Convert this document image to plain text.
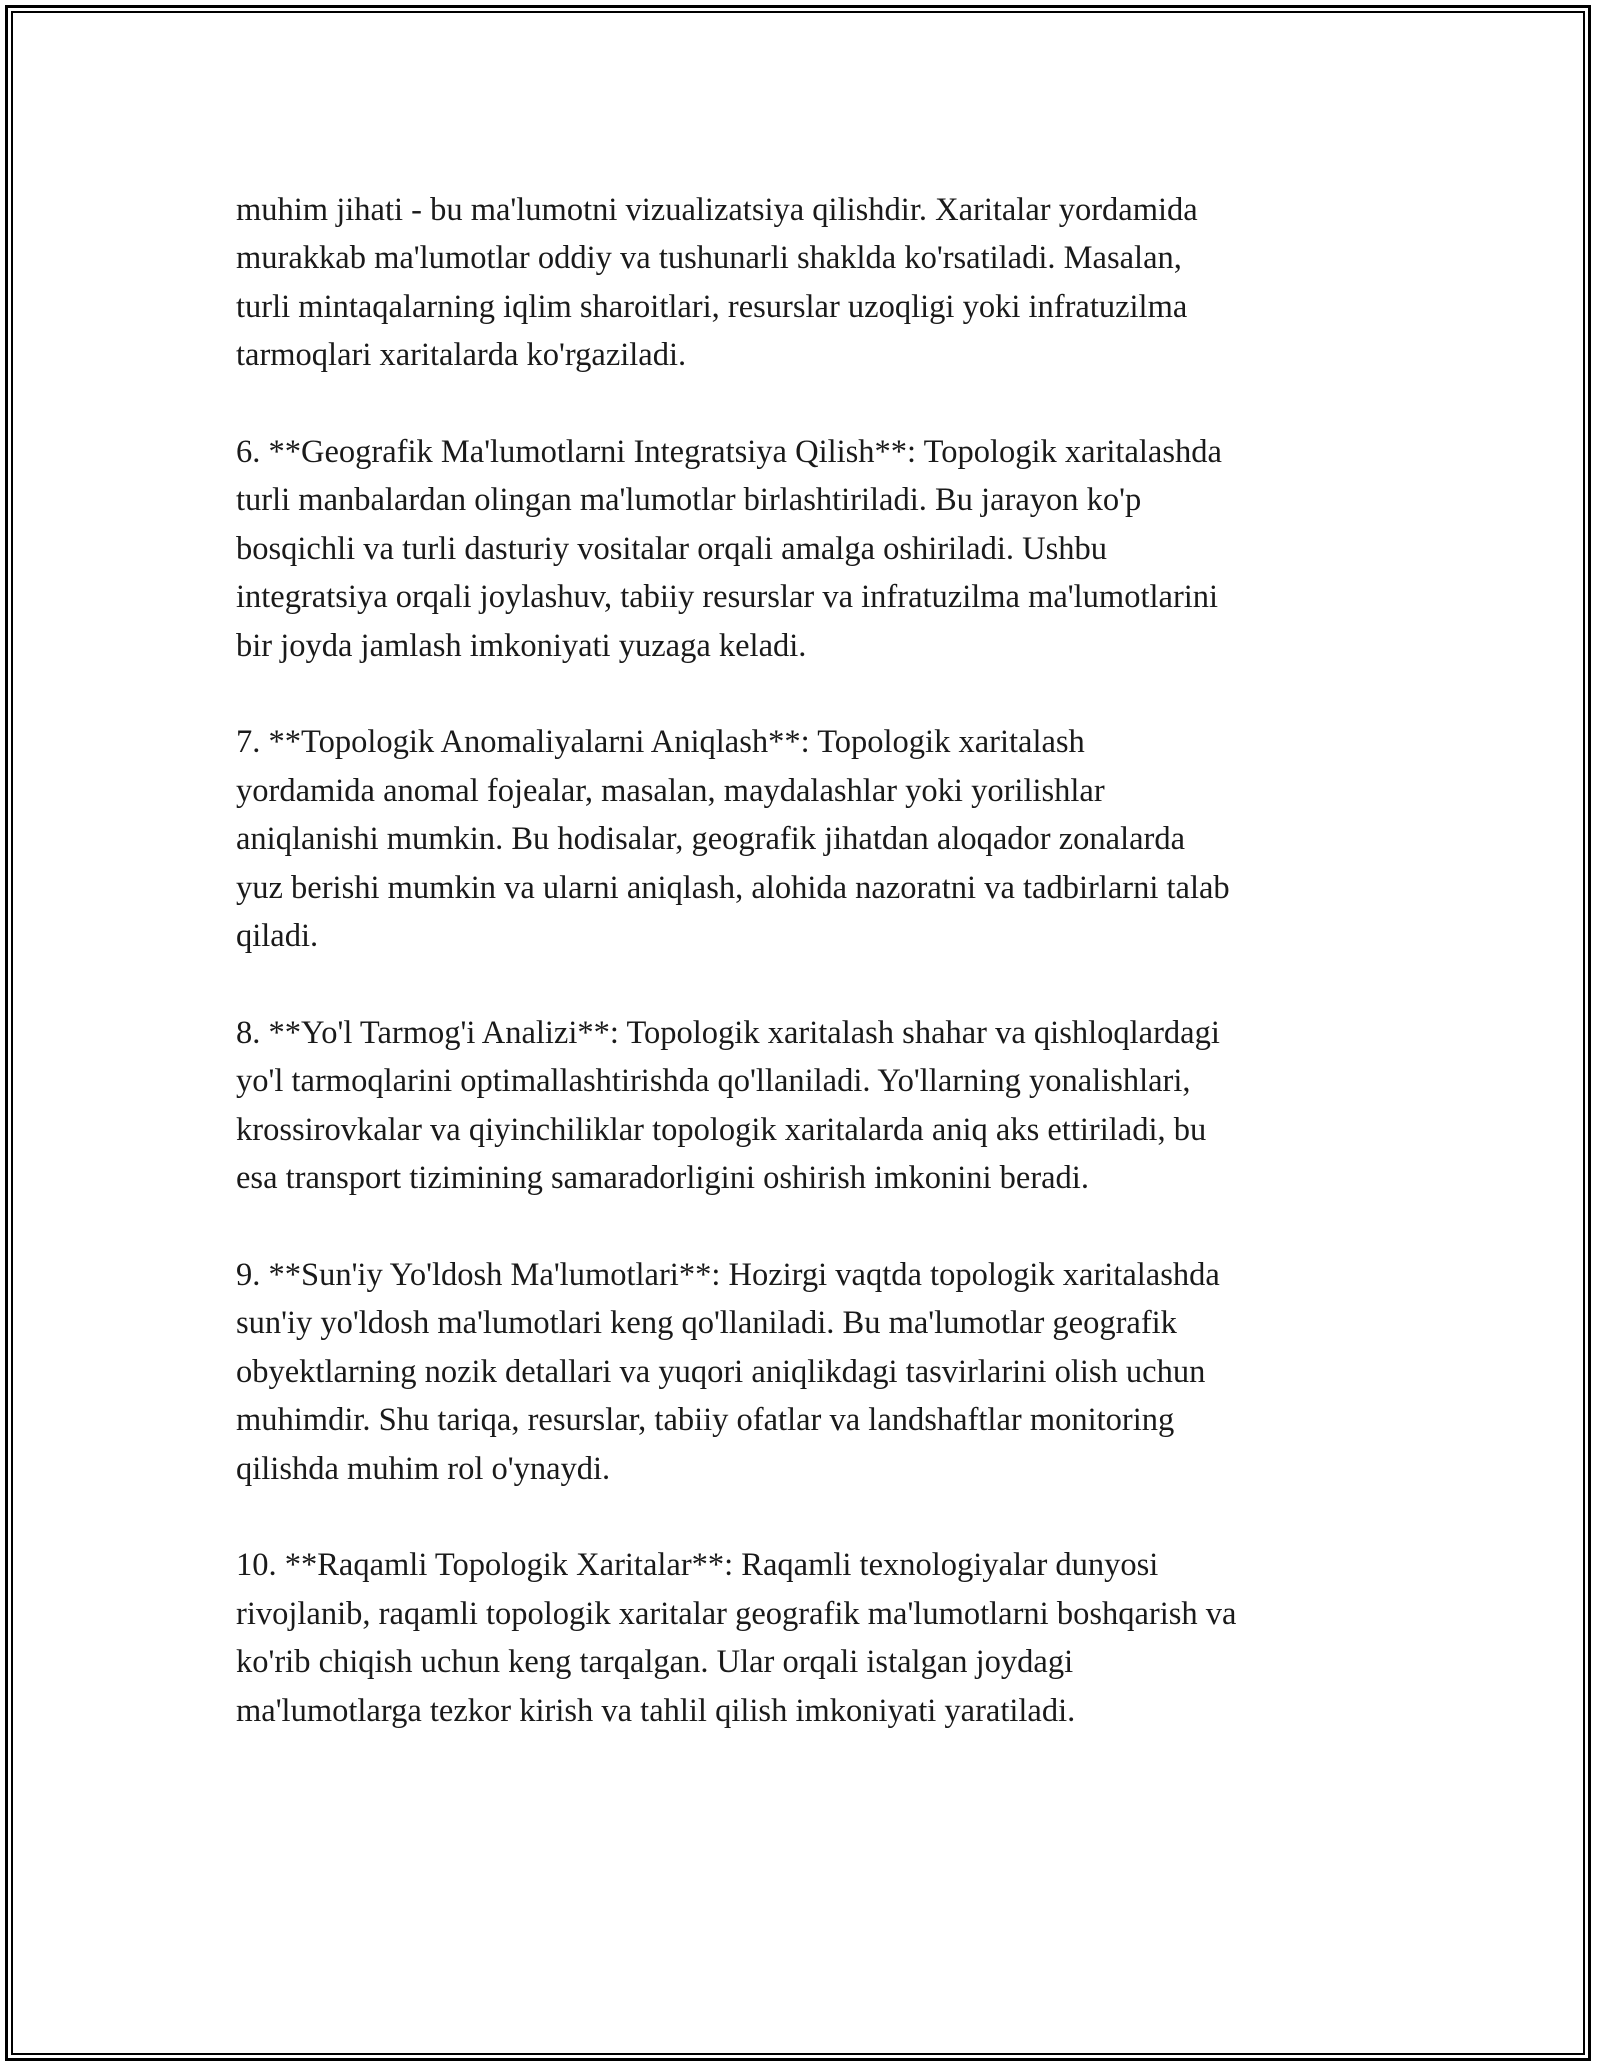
muhim jihati - bu ma'lumotni vizualizatsiya qilishdir. Xaritalar yordamida
murakkab ma'lumotlar oddiy va tushunarli shaklda ko'rsatiladi. Masalan,
turli mintaqalarning iqlim sharoitlari, resurslar uzoqligi yoki infratuzilma
tarmoqlari xaritalarda ko'rgaziladi.

6. **Geografik Ma'lumotlarni Integratsiya Qilish**: Topologik xaritalashda
turli manbalardan olingan ma'lumotlar birlashtiriladi. Bu jarayon ko'p
bosqichli va turli dasturiy vositalar orqali amalga oshiriladi. Ushbu
integratsiya orqali joylashuv, tabiiy resurslar va infratuzilma ma'lumotlarini
bir joyda jamlash imkoniyati yuzaga keladi.

7. **Topologik Anomaliyalarni Aniqlash**: Topologik xaritalash
yordamida anomal fojealar, masalan, maydalashlar yoki yorilishlar
aniqlanishi mumkin. Bu hodisalar, geografik jihatdan aloqador zonalarda
yuz berishi mumkin va ularni aniqlash, alohida nazoratni va tadbirlarni talab
qiladi.

8. **Yo'l Tarmog'i Analizi**: Topologik xaritalash shahar va qishloqlardagi
yo'l tarmoqlarini optimallashtirishda qo'llaniladi. Yo'llarning yonalishlari,
krossirovkalar va qiyinchiliklar topologik xaritalarda aniq aks ettiriladi, bu
esa transport tizimining samaradorligini oshirish imkonini beradi.

9. **Sun'iy Yo'ldosh Ma'lumotlari**: Hozirgi vaqtda topologik xaritalashda
sun'iy yo'ldosh ma'lumotlari keng qo'llaniladi. Bu ma'lumotlar geografik
obyektlarning nozik detallari va yuqori aniqlikdagi tasvirlarini olish uchun
muhimdir. Shu tariqa, resurslar, tabiiy ofatlar va landshaftlar monitoring
qilishda muhim rol o'ynaydi.

10. **Raqamli Topologik Xaritalar**: Raqamli texnologiyalar dunyosi
rivojlanib, raqamli topologik xaritalar geografik ma'lumotlarni boshqarish va
ko'rib chiqish uchun keng tarqalgan. Ular orqali istalgan joydagi
ma'lumotlarga tezkor kirish va tahlil qilish imkoniyati yaratiladi.
